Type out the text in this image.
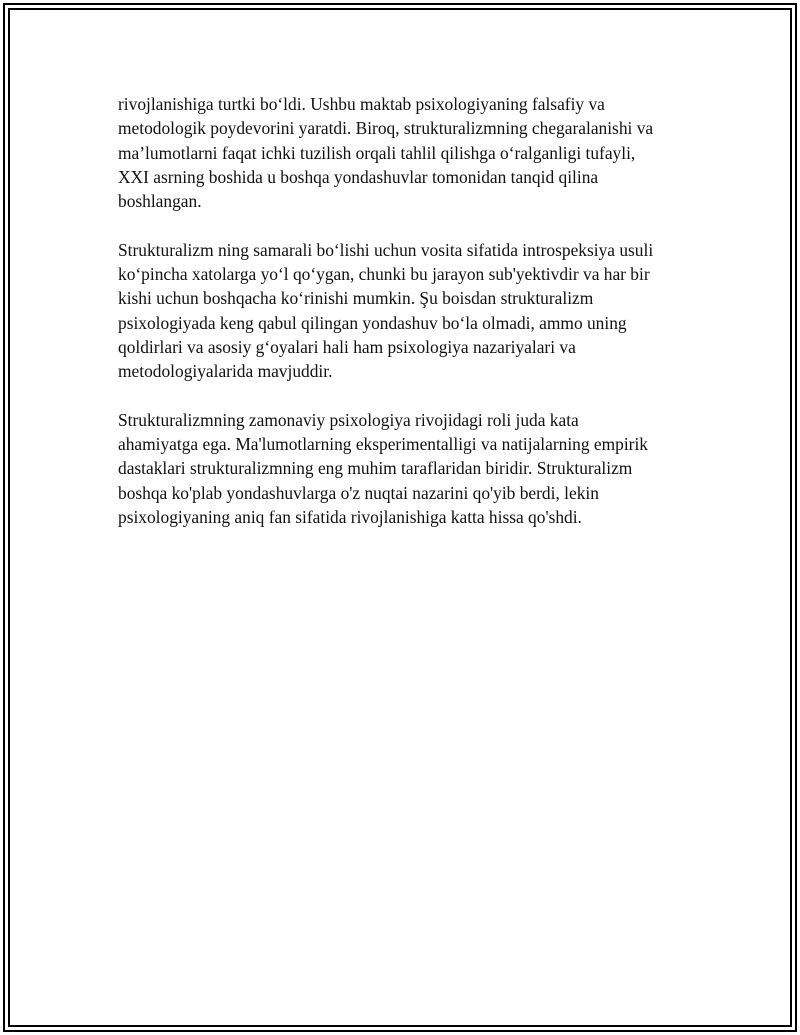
rivojlanishiga turtki bo‘ldi. Ushbu maktab psixologiyaning falsafiy va
metodologik poydevorini yaratdi. Biroq, strukturalizmning chegaralanishi va
ma’lumotlarni faqat ichki tuzilish orqali tahlil qilishga o‘ralganligi tufayli,
XXI asrning boshida u boshqa yondashuvlar tomonidan tanqid qilina
boshlangan.

Strukturalizm ning samarali bo‘lishi uchun vosita sifatida introspeksiya usuli
ko‘pincha xatolarga yo‘l qo‘ygan, chunki bu jarayon sub'yektivdir va har bir
kishi uchun boshqacha ko‘rinishi mumkin. Şu boisdan strukturalizm
psixologiyada keng qabul qilingan yondashuv bo‘la olmadi, ammo uning
qoldirlari va asosiy g‘oyalari hali ham psixologiya nazariyalari va
metodologiyalarida mavjuddir.

Strukturalizmning zamonaviy psixologiya rivojidagi roli juda kata
ahamiyatga ega. Ma'lumotlarning eksperimentalligi va natijalarning empirik
dastaklari strukturalizmning eng muhim taraflaridan biridir. Strukturalizm
boshqa ko'plab yondashuvlarga o'z nuqtai nazarini qo'yib berdi, lekin
psixologiyaning aniq fan sifatida rivojlanishiga katta hissa qo'shdi.
